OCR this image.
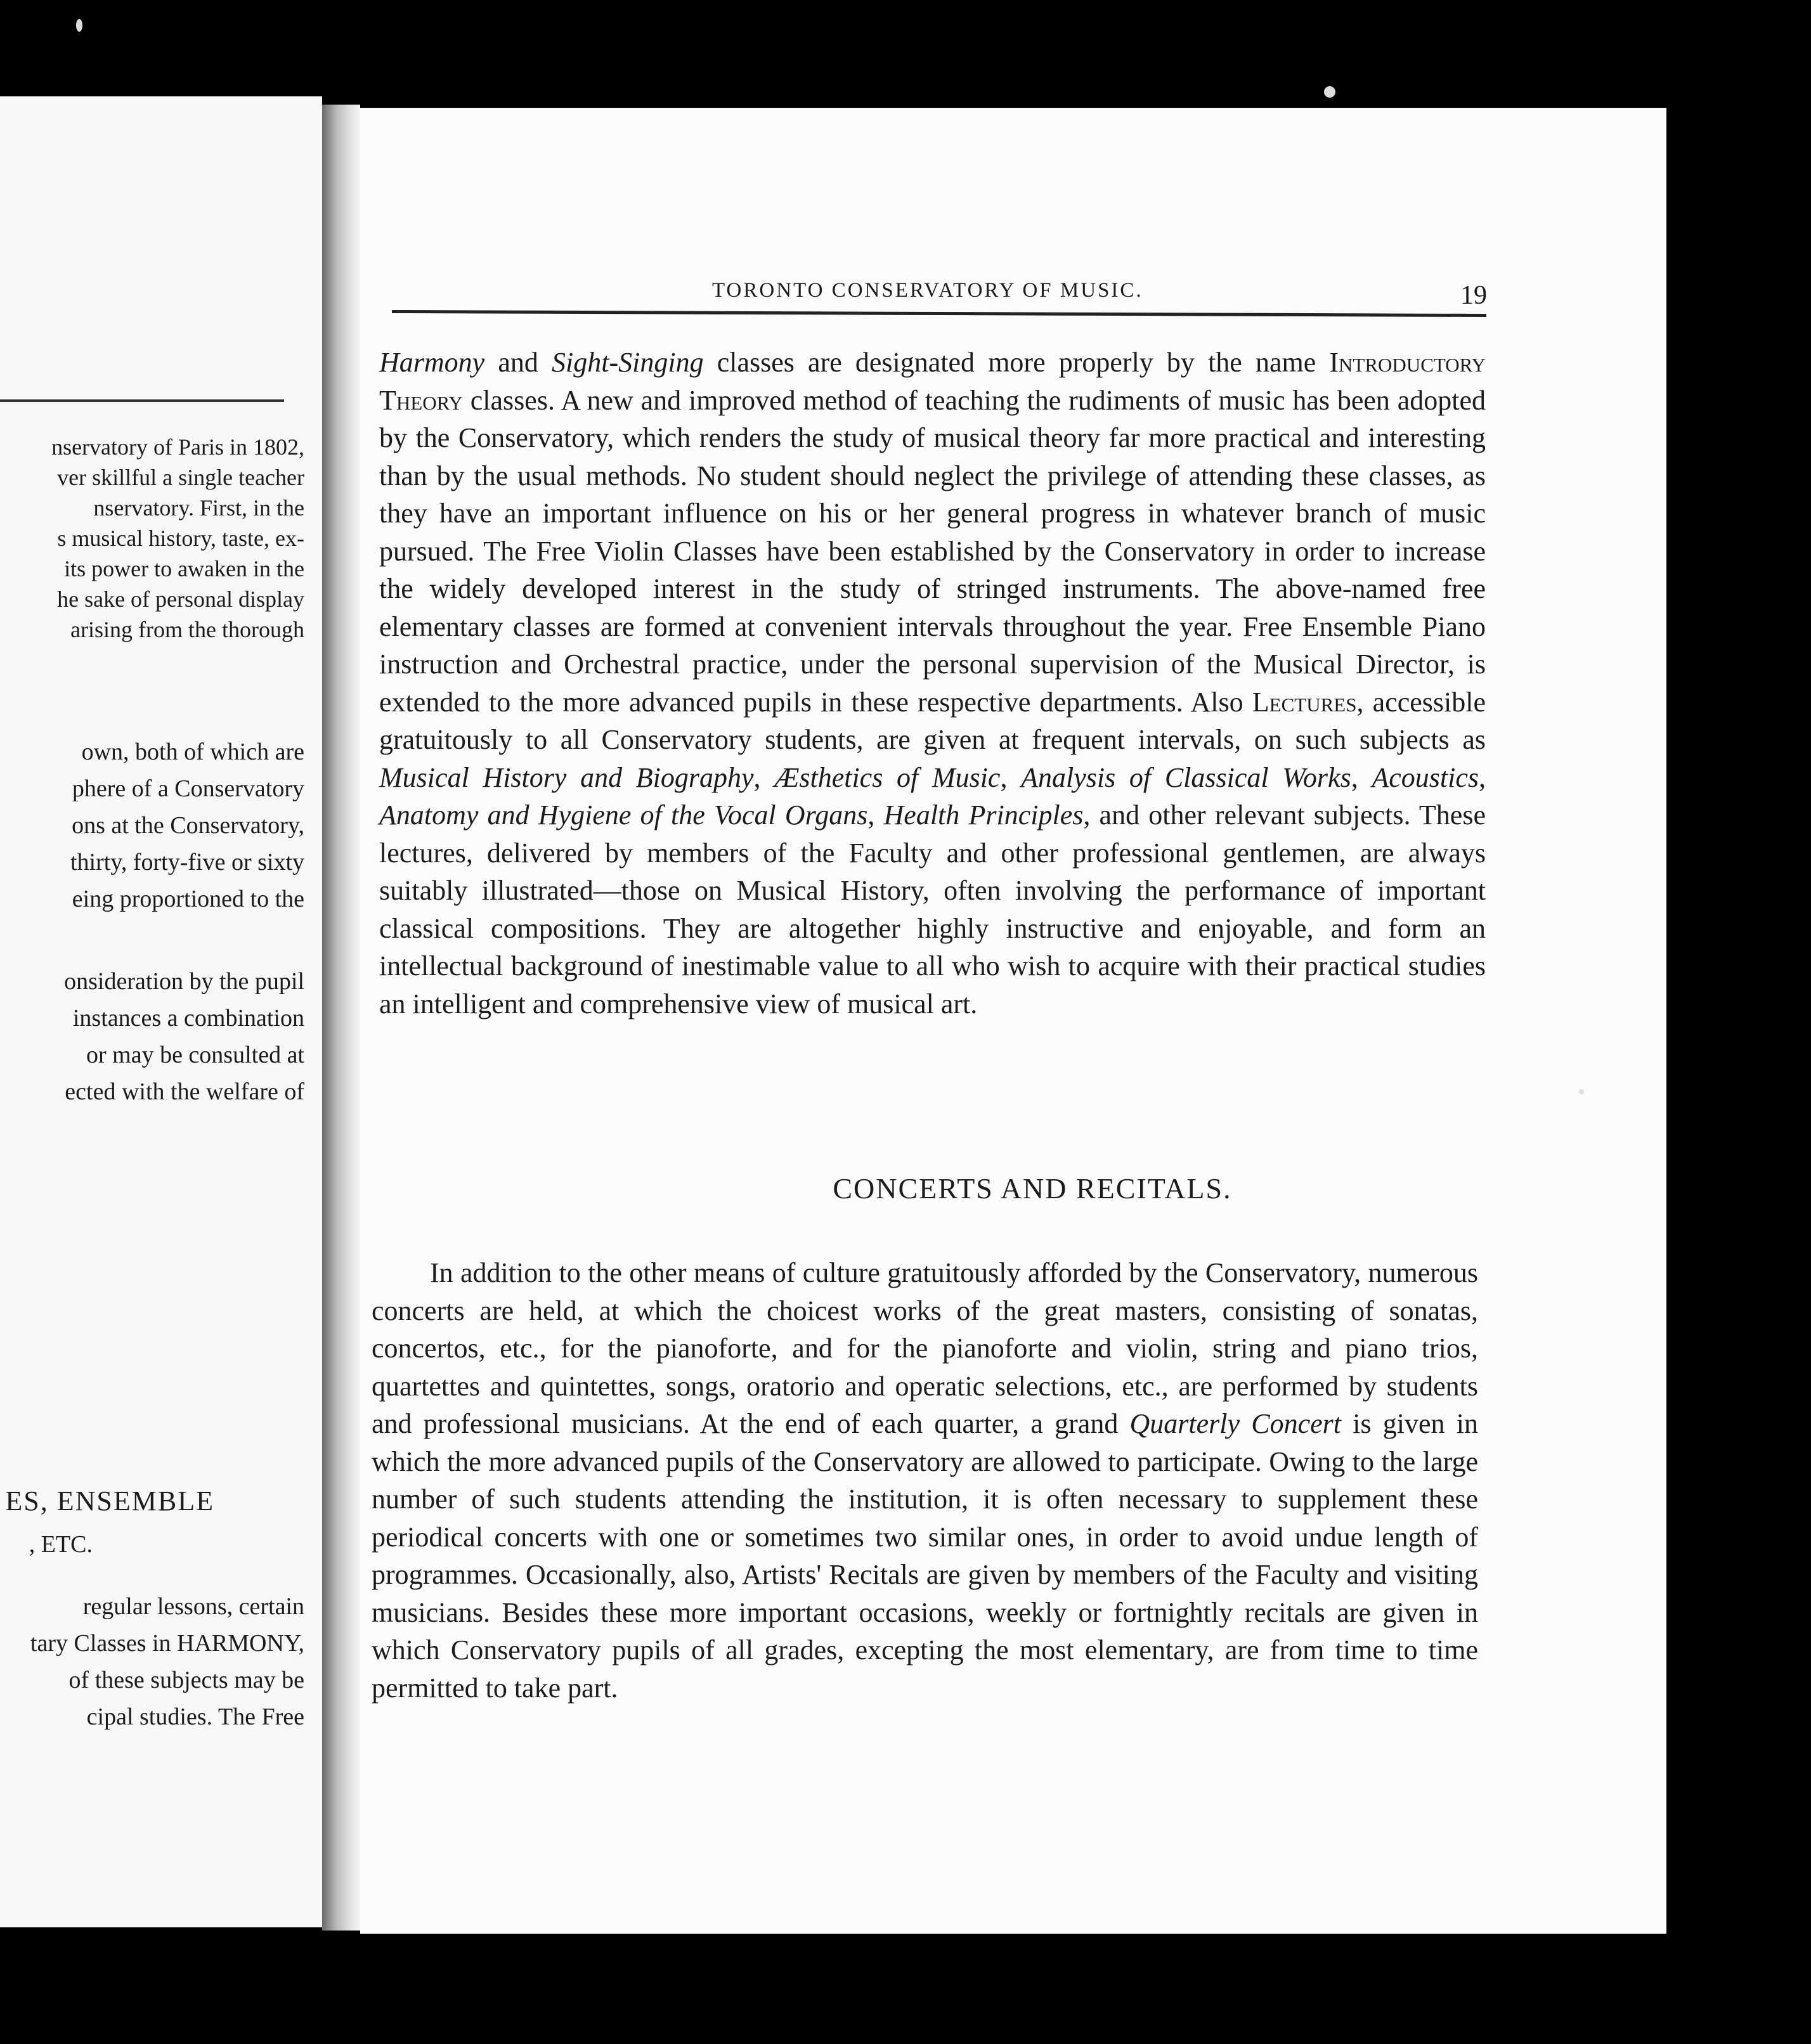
nservatory of Paris in 1802,
ver skillful a single teacher
nservatory. First, in the
s musical history, taste, ex-
its power to awaken in the
he sake of personal display
arising from the thorough
own, both of which are
phere of a Conservatory
ons at the Conservatory,
thirty, forty-five or sixty
eing proportioned to the
onsideration by the pupil
instances a combination
or may be consulted at
ected with the welfare of
ES, ENSEMBLE
, ETC.
regular lessons, certain
tary Classes in HARMONY,
of these subjects may be
cipal studies. The Free
TORONTO CONSERVATORY OF MUSIC.	19

Harmony and Sight-Singing classes are designated more properly by the name Introductory Theory classes. A new and improved method of teaching the rudiments of music has been adopted by the Conservatory, which renders the study of musical theory far more practical and interesting than by the usual methods. No student should neglect the privilege of attending these classes, as they have an important influence on his or her general progress in whatever branch of music pursued. The Free Violin Classes have been established by the Conservatory in order to increase the widely developed interest in the study of stringed instruments. The above-named free elementary classes are formed at convenient intervals throughout the year. Free Ensemble Piano instruction and Orchestral practice, under the personal supervision of the Musical Director, is extended to the more advanced pupils in these respective departments. Also Lectures, accessible gratuitously to all Conservatory students, are given at frequent intervals, on such subjects as Musical History and Biography, Æsthetics of Music, Analysis of Classical Works, Acoustics, Anatomy and Hygiene of the Vocal Organs, Health Principles, and other relevant subjects. These lectures, delivered by members of the Faculty and other professional gentlemen, are always suitably illustrated—those on Musical History, often involving the performance of important classical compositions. They are altogether highly instructive and enjoyable, and form an intellectual background of inestimable value to all who wish to acquire with their practical studies an intelligent and comprehensive view of musical art.

CONCERTS AND RECITALS.

In addition to the other means of culture gratuitously afforded by the Conservatory, numerous concerts are held, at which the choicest works of the great masters, consisting of sonatas, concertos, etc., for the pianoforte, and for the pianoforte and violin, string and piano trios, quartettes and quintettes, songs, oratorio and operatic selections, etc., are performed by students and professional musicians. At the end of each quarter, a grand Quarterly Concert is given in which the more advanced pupils of the Conservatory are allowed to participate. Owing to the large number of such students attending the institution, it is often necessary to supplement these periodical concerts with one or sometimes two similar ones, in order to avoid undue length of programmes. Occasionally, also, Artists' Recitals are given by members of the Faculty and visiting musicians. Besides these more important occasions, weekly or fortnightly recitals are given in which Conservatory pupils of all grades, excepting the most elementary, are from time to time permitted to take part.
